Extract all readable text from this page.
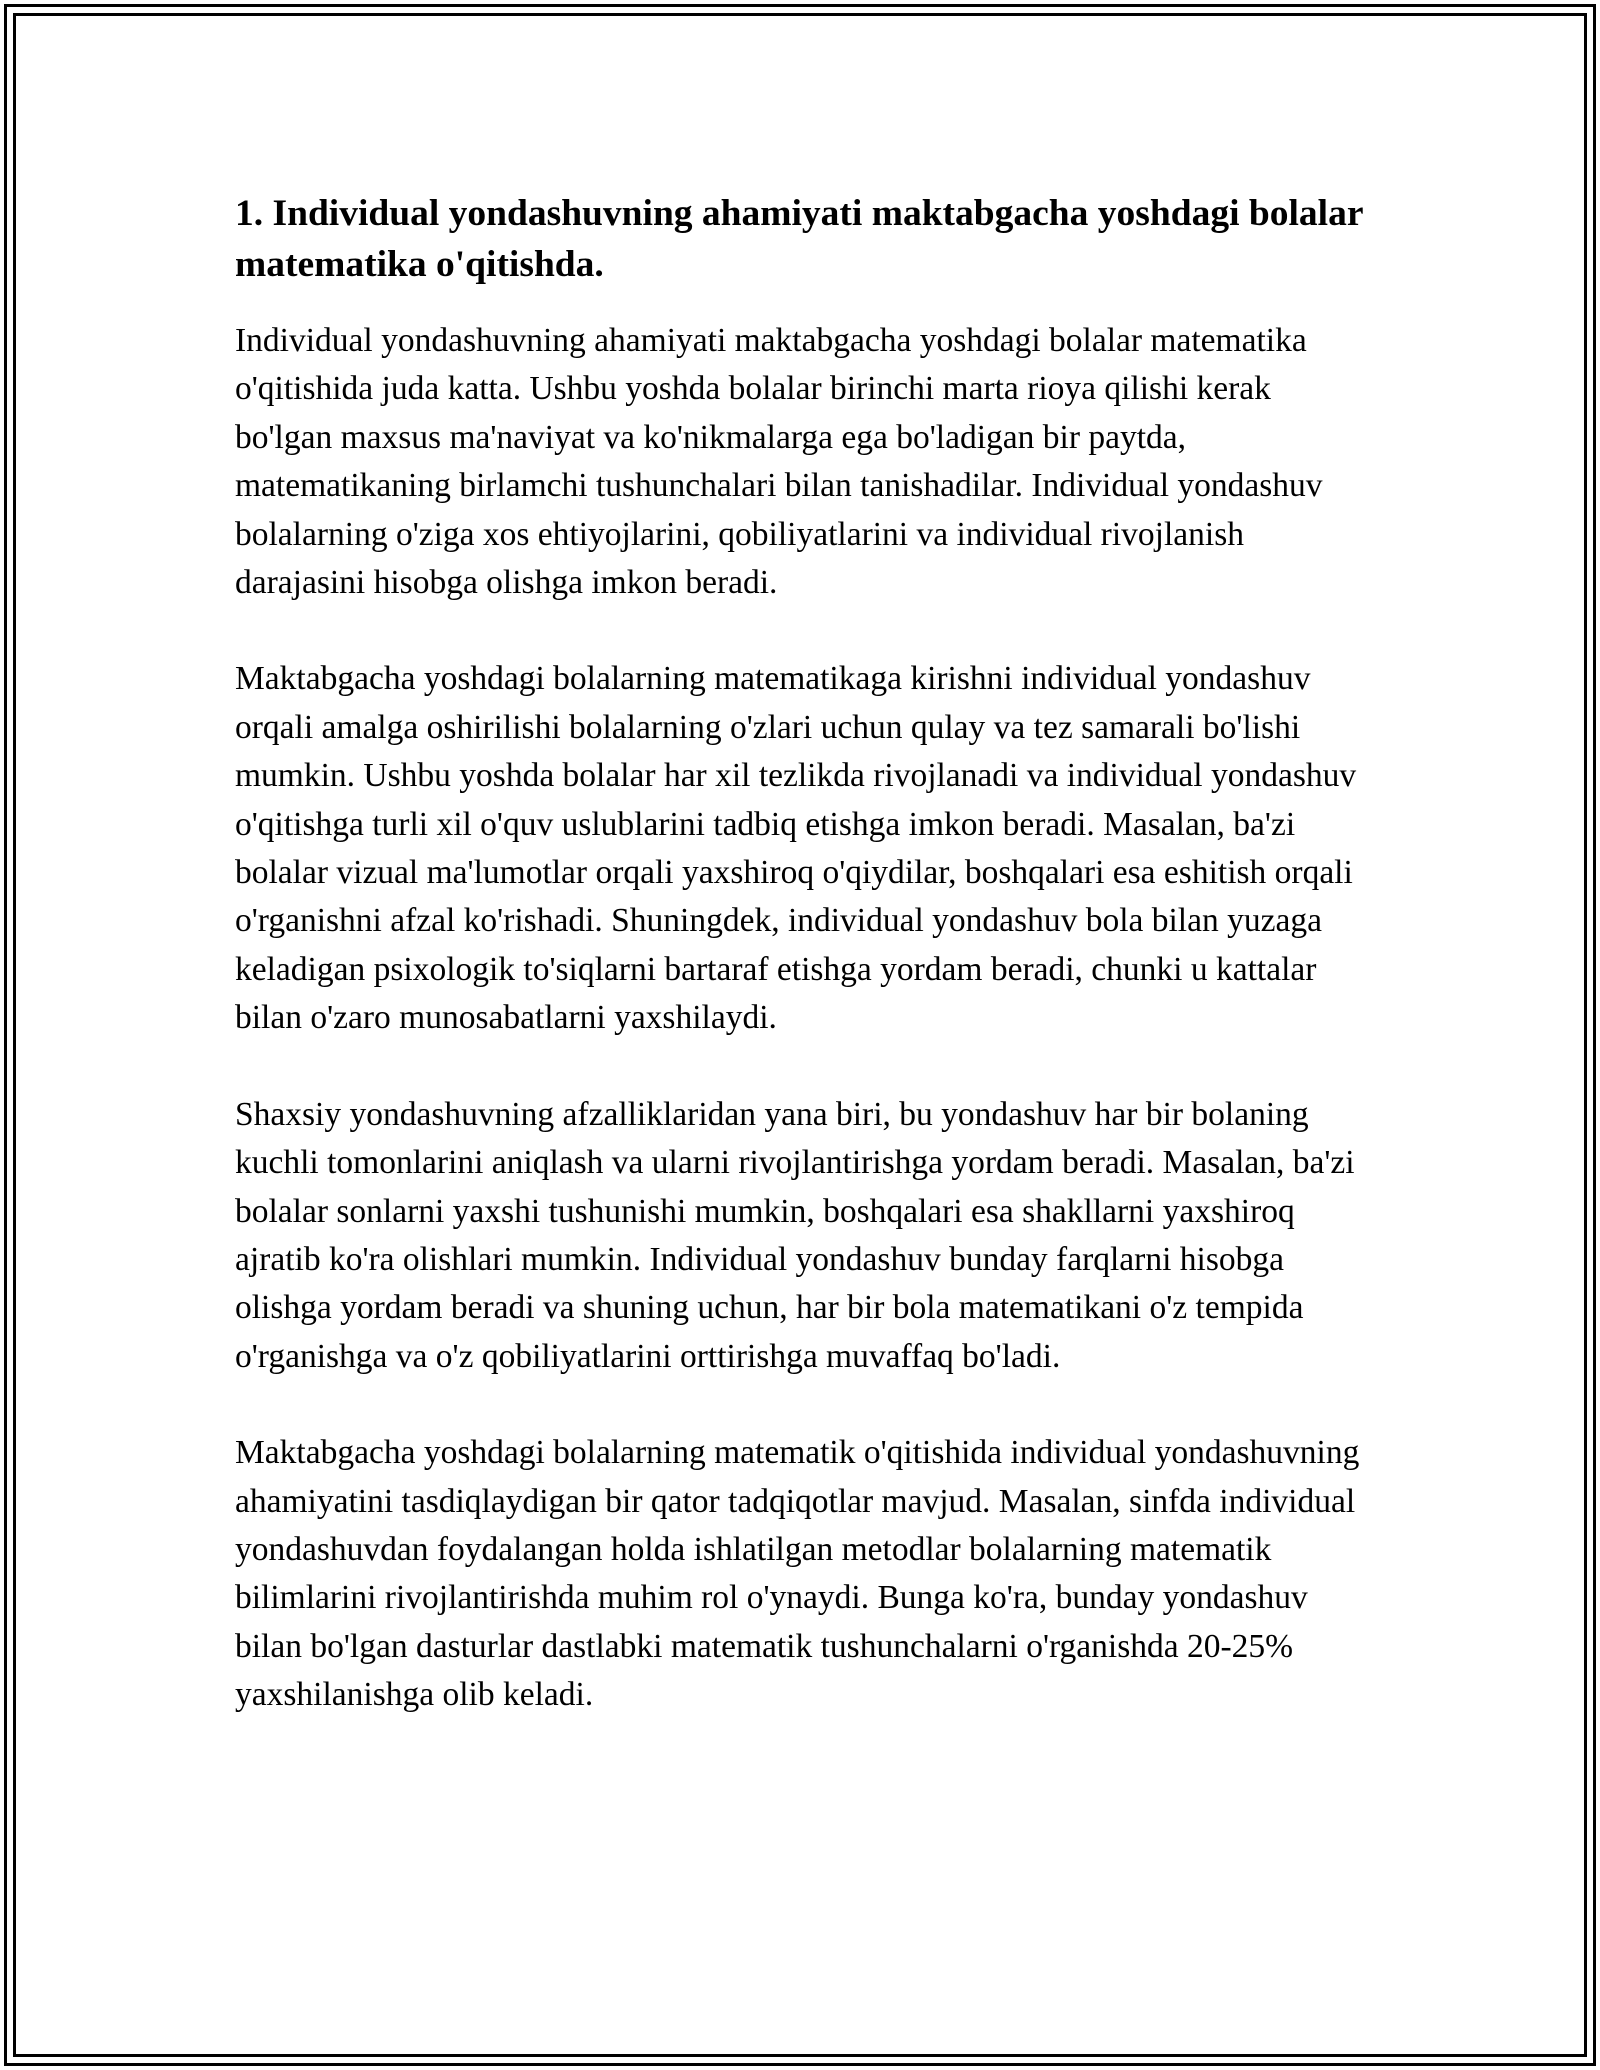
1. Individual yondashuvning ahamiyati maktabgacha yoshdagi bolalar matematika o'qitishda.

Individual yondashuvning ahamiyati maktabgacha yoshdagi bolalar matematika o'qitishida juda katta. Ushbu yoshda bolalar birinchi marta rioya qilishi kerak bo'lgan maxsus ma'naviyat va ko'nikmalarga ega bo'ladigan bir paytda, matematikaning birlamchi tushunchalari bilan tanishadilar. Individual yondashuv bolalarning o'ziga xos ehtiyojlarini, qobiliyatlarini va individual rivojlanish darajasini hisobga olishga imkon beradi.

Maktabgacha yoshdagi bolalarning matematikaga kirishni individual yondashuv orqali amalga oshirilishi bolalarning o'zlari uchun qulay va tez samarali bo'lishi mumkin. Ushbu yoshda bolalar har xil tezlikda rivojlanadi va individual yondashuv o'qitishga turli xil o'quv uslublarini tadbiq etishga imkon beradi. Masalan, ba'zi bolalar vizual ma'lumotlar orqali yaxshiroq o'qiydilar, boshqalari esa eshitish orqali o'rganishni afzal ko'rishadi. Shuningdek, individual yondashuv bola bilan yuzaga keladigan psixologik to'siqlarni bartaraf etishga yordam beradi, chunki u kattalar bilan o'zaro munosabatlarni yaxshilaydi.

Shaxsiy yondashuvning afzalliklaridan yana biri, bu yondashuv har bir bolaning kuchli tomonlarini aniqlash va ularni rivojlantirishga yordam beradi. Masalan, ba'zi bolalar sonlarni yaxshi tushunishi mumkin, boshqalari esa shakllarni yaxshiroq ajratib ko'ra olishlari mumkin. Individual yondashuv bunday farqlarni hisobga olishga yordam beradi va shuning uchun, har bir bola matematikani o'z tempida o'rganishga va o'z qobiliyatlarini orttirishga muvaffaq bo'ladi.

Maktabgacha yoshdagi bolalarning matematik o'qitishida individual yondashuvning ahamiyatini tasdiqlaydigan bir qator tadqiqotlar mavjud. Masalan, sinfda individual yondashuvdan foydalangan holda ishlatilgan metodlar bolalarning matematik bilimlarini rivojlantirishda muhim rol o'ynaydi. Bunga ko'ra, bunday yondashuv bilan bo'lgan dasturlar dastlabki matematik tushunchalarni o'rganishda 20-25% yaxshilanishga olib keladi.
